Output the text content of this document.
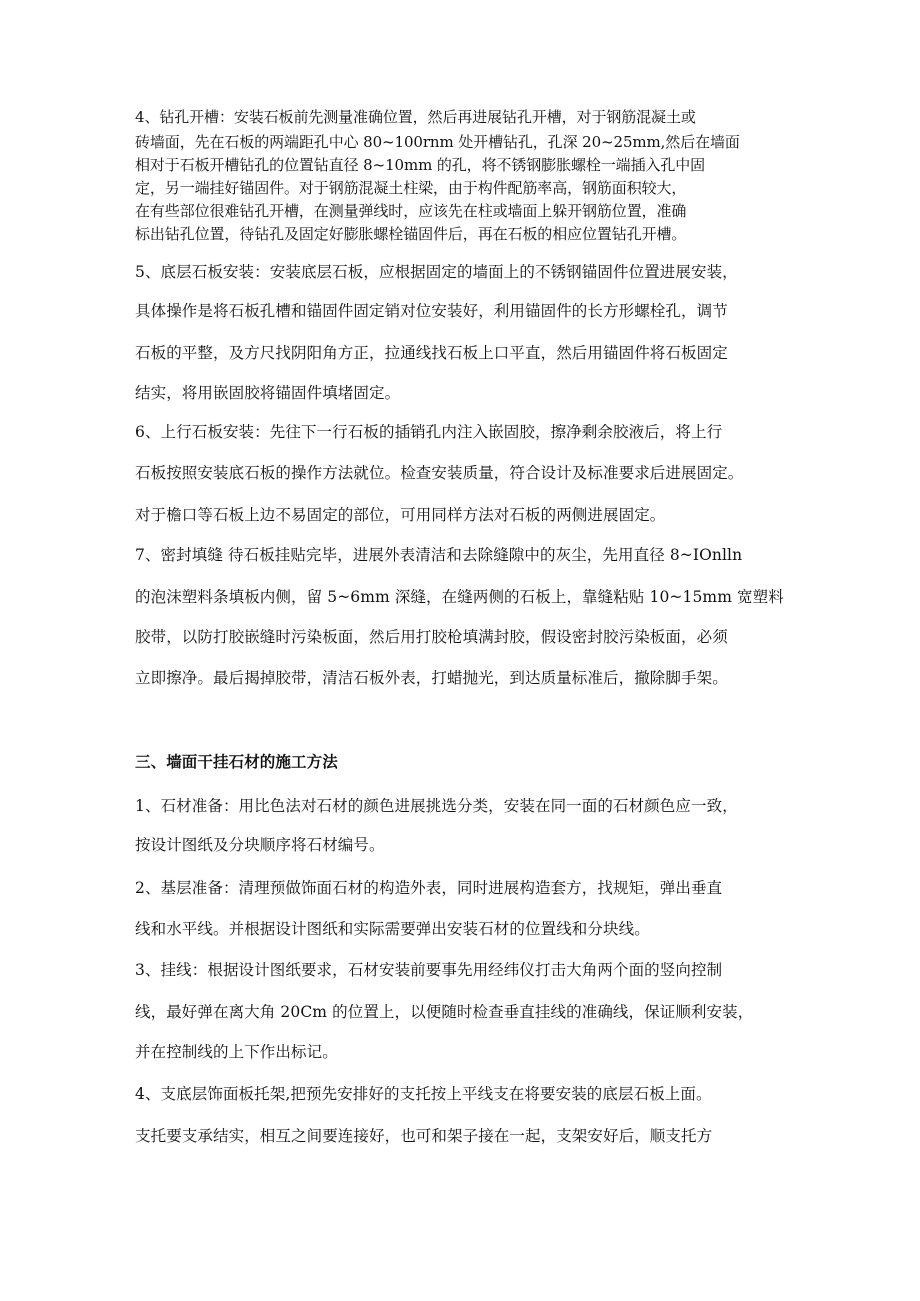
4、钻孔开槽：安装石板前先测量准确位置，然后再进展钻孔开槽，对于钢筋混凝土或
砖墙面，先在石板的两端距孔中心 80~100rnm 处开槽钻孔，孔深 20~25mm,然后在墙面
相对于石板开槽钻孔的位置钻直径 8~10mm 的孔，将不锈钢膨胀螺栓一端插入孔中固
定，另一端挂好锚固件。对于钢筋混凝土柱梁，由于构件配筋率高，钢筋面积较大，
在有些部位很难钻孔开槽，在测量弹线时，应该先在柱或墙面上躲开钢筋位置，准确
标出钻孔位置，待钻孔及固定好膨胀螺栓锚固件后，再在石板的相应位置钻孔开槽。
5、底层石板安装：安装底层石板，应根据固定的墙面上的不锈钢锚固件位置进展安装，
具体操作是将石板孔槽和锚固件固定销对位安装好，利用锚固件的长方形螺栓孔，调节
石板的平整，及方尺找阴阳角方正，拉通线找石板上口平直，然后用锚固件将石板固定
结实，将用嵌固胶将锚固件填堵固定。
6、上行石板安装：先往下一行石板的插销孔内注入嵌固胶，擦净剩余胶液后，将上行
石板按照安装底石板的操作方法就位。检查安装质量，符合设计及标准要求后进展固定。
对于檐口等石板上边不易固定的部位，可用同样方法对石板的两侧进展固定。
7、密封填缝 待石板挂贴完毕，进展外表清洁和去除缝隙中的灰尘，先用直径 8~IOnlln
的泡沫塑料条填板内侧，留 5~6mm 深缝，在缝两侧的石板上，靠缝粘贴 10~15mm 宽塑料
胶带，以防打胶嵌缝时污染板面，然后用打胶枪填满封胶，假设密封胶污染板面，必须
立即擦净。最后揭掉胶带，清洁石板外表，打蜡抛光，到达质量标准后，撤除脚手架。
三、墙面干挂石材的施工方法
1、石材准备：用比色法对石材的颜色进展挑选分类，安装在同一面的石材颜色应一致，
按设计图纸及分块顺序将石材编号。
2、基层准备：清理预做饰面石材的构造外表，同时进展构造套方，找规矩，弹出垂直
线和水平线。并根据设计图纸和实际需要弹出安装石材的位置线和分块线。
3、挂线：根据设计图纸要求，石材安装前要事先用经纬仪打击大角两个面的竖向控制
线，最好弹在离大角 20Cm 的位置上，以便随时检查垂直挂线的准确线，保证顺利安装，
并在控制线的上下作出标记。
4、支底层饰面板托架,把预先安排好的支托按上平线支在将要安装的底层石板上面。
支托要支承结实，相互之间要连接好，也可和架子接在一起，支架安好后，顺支托方
